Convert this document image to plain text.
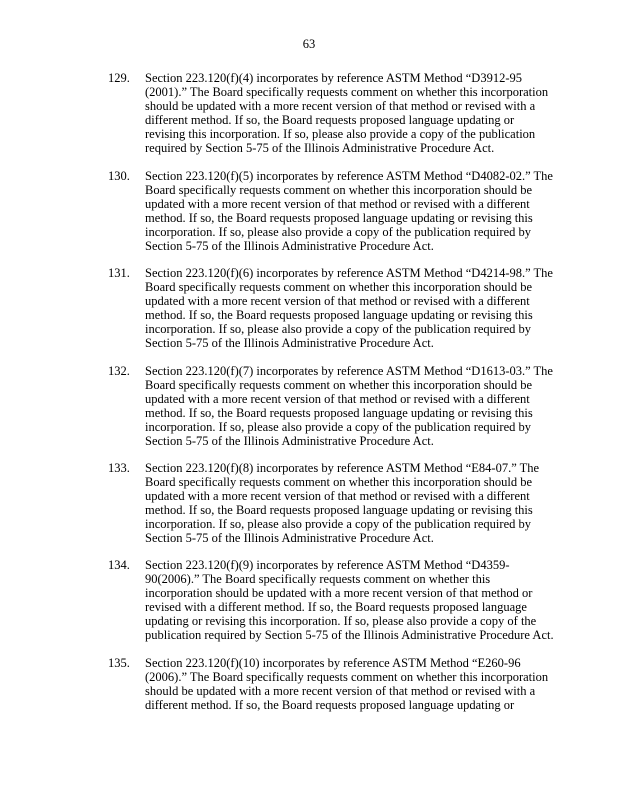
63
129.	Section 223.120(f)(4) incorporates by reference ASTM Method “D3912-95
(2001).” The Board specifically requests comment on whether this incorporation
should be updated with a more recent version of that method or revised with a
different method. If so, the Board requests proposed language updating or
revising this incorporation. If so, please also provide a copy of the publication
required by Section 5-75 of the Illinois Administrative Procedure Act.
130.	Section 223.120(f)(5) incorporates by reference ASTM Method “D4082-02.” The
Board specifically requests comment on whether this incorporation should be
updated with a more recent version of that method or revised with a different
method. If so, the Board requests proposed language updating or revising this
incorporation. If so, please also provide a copy of the publication required by
Section 5-75 of the Illinois Administrative Procedure Act.
131.	Section 223.120(f)(6) incorporates by reference ASTM Method “D4214-98.” The
Board specifically requests comment on whether this incorporation should be
updated with a more recent version of that method or revised with a different
method. If so, the Board requests proposed language updating or revising this
incorporation. If so, please also provide a copy of the publication required by
Section 5-75 of the Illinois Administrative Procedure Act.
132.	Section 223.120(f)(7) incorporates by reference ASTM Method “D1613-03.” The
Board specifically requests comment on whether this incorporation should be
updated with a more recent version of that method or revised with a different
method. If so, the Board requests proposed language updating or revising this
incorporation. If so, please also provide a copy of the publication required by
Section 5-75 of the Illinois Administrative Procedure Act.
133.	Section 223.120(f)(8) incorporates by reference ASTM Method “E84-07.” The
Board specifically requests comment on whether this incorporation should be
updated with a more recent version of that method or revised with a different
method. If so, the Board requests proposed language updating or revising this
incorporation. If so, please also provide a copy of the publication required by
Section 5-75 of the Illinois Administrative Procedure Act.
134.	Section 223.120(f)(9) incorporates by reference ASTM Method “D4359-
90(2006).” The Board specifically requests comment on whether this
incorporation should be updated with a more recent version of that method or
revised with a different method. If so, the Board requests proposed language
updating or revising this incorporation. If so, please also provide a copy of the
publication required by Section 5-75 of the Illinois Administrative Procedure Act.
135.	Section 223.120(f)(10) incorporates by reference ASTM Method “E260-96
(2006).” The Board specifically requests comment on whether this incorporation
should be updated with a more recent version of that method or revised with a
different method. If so, the Board requests proposed language updating or
